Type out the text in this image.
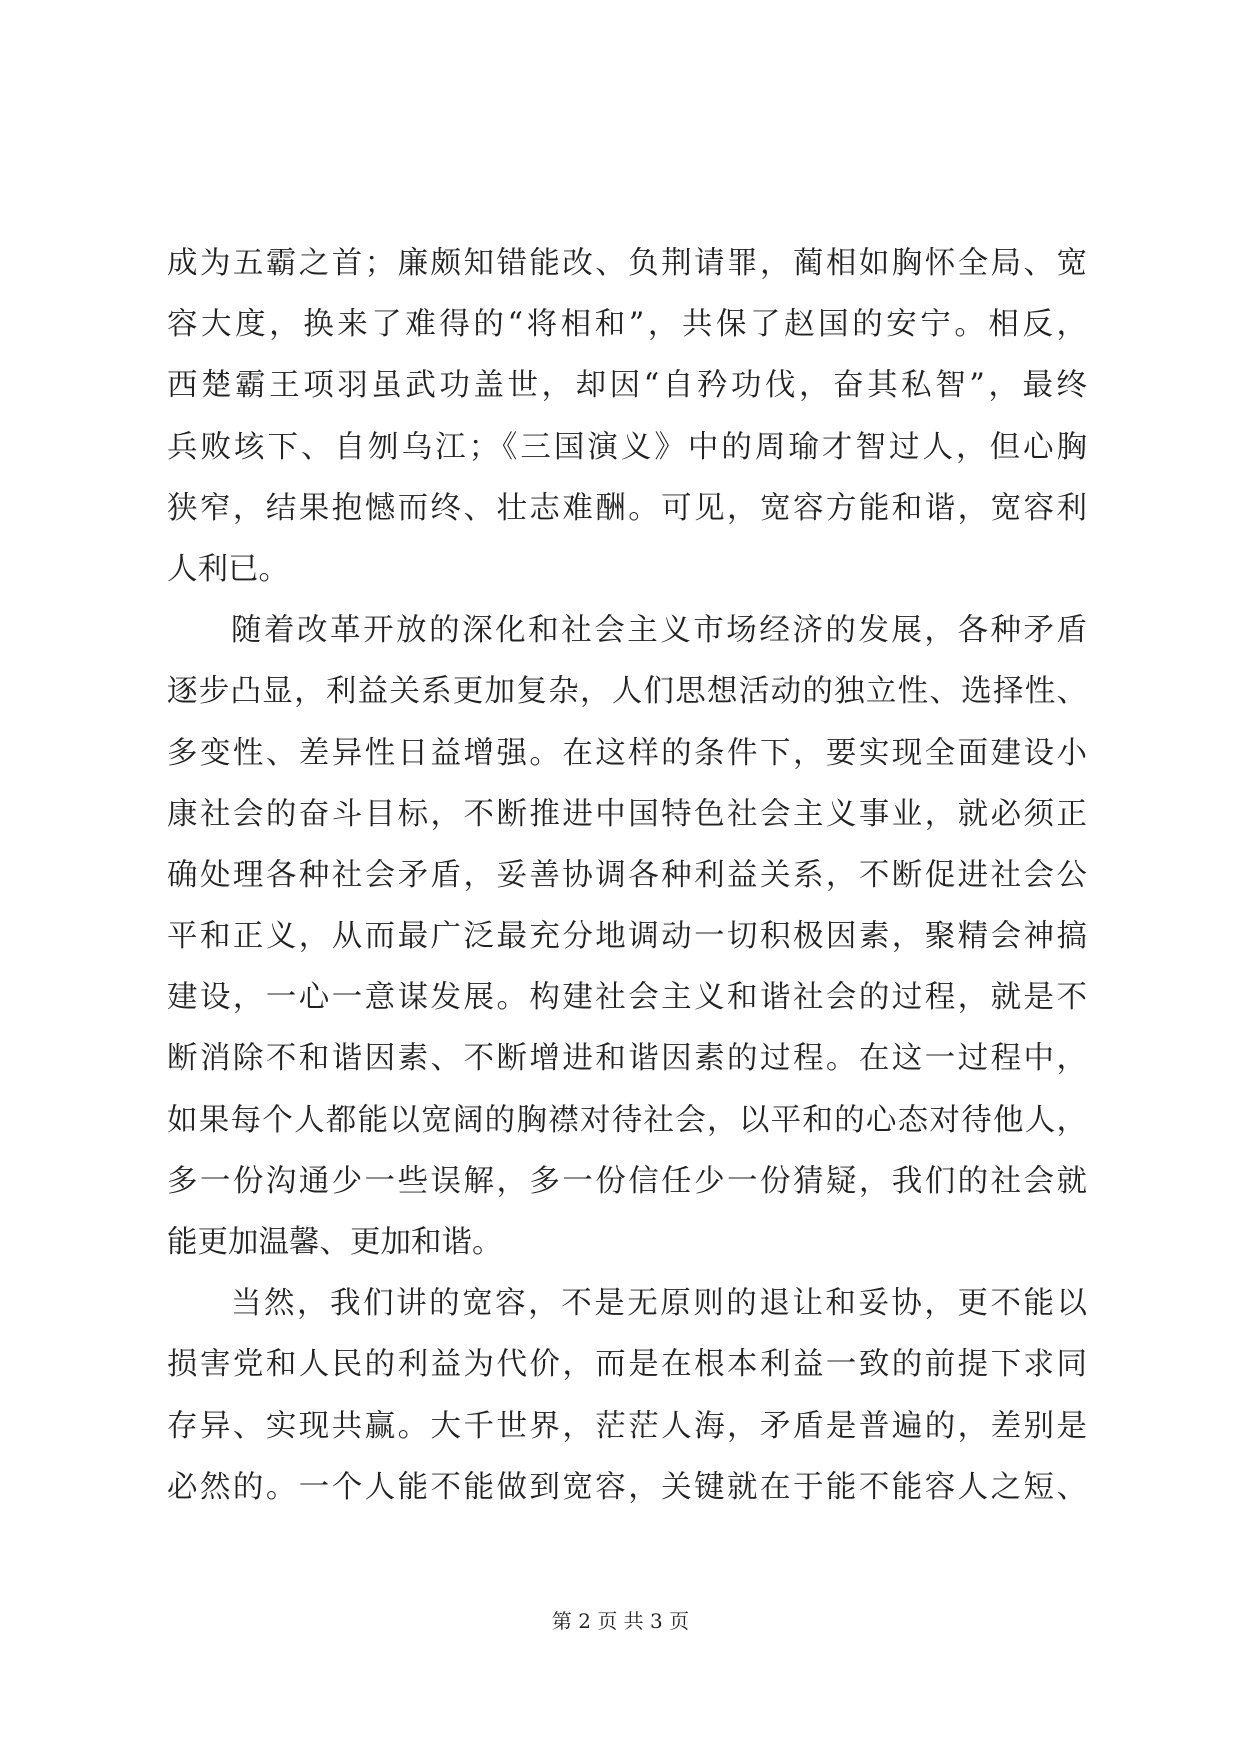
成为五霸之首；廉颇知错能改、负荆请罪，蔺相如胸怀全局、宽
容大度，换来了难得的“将相和”，共保了赵国的安宁。相反，
西楚霸王项羽虽武功盖世，却因“自矜功伐，奋其私智”，最终
兵败垓下、自刎乌江；《三国演义》中的周瑜才智过人，但心胸
狭窄，结果抱憾而终、壮志难酬。可见，宽容方能和谐，宽容利
人利已。
随着改革开放的深化和社会主义市场经济的发展，各种矛盾
逐步凸显，利益关系更加复杂，人们思想活动的独立性、选择性、
多变性、差异性日益增强。在这样的条件下，要实现全面建设小
康社会的奋斗目标，不断推进中国特色社会主义事业，就必须正
确处理各种社会矛盾，妥善协调各种利益关系，不断促进社会公
平和正义，从而最广泛最充分地调动一切积极因素，聚精会神搞
建设，一心一意谋发展。构建社会主义和谐社会的过程，就是不
断消除不和谐因素、不断增进和谐因素的过程。在这一过程中，
如果每个人都能以宽阔的胸襟对待社会，以平和的心态对待他人，
多一份沟通少一些误解，多一份信任少一份猜疑，我们的社会就
能更加温馨、更加和谐。
当然，我们讲的宽容，不是无原则的退让和妥协，更不能以
损害党和人民的利益为代价，而是在根本利益一致的前提下求同
存异、实现共赢。大千世界，茫茫人海，矛盾是普遍的，差别是
必然的。一个人能不能做到宽容，关键就在于能不能容人之短、
第 2 页 共 3 页
